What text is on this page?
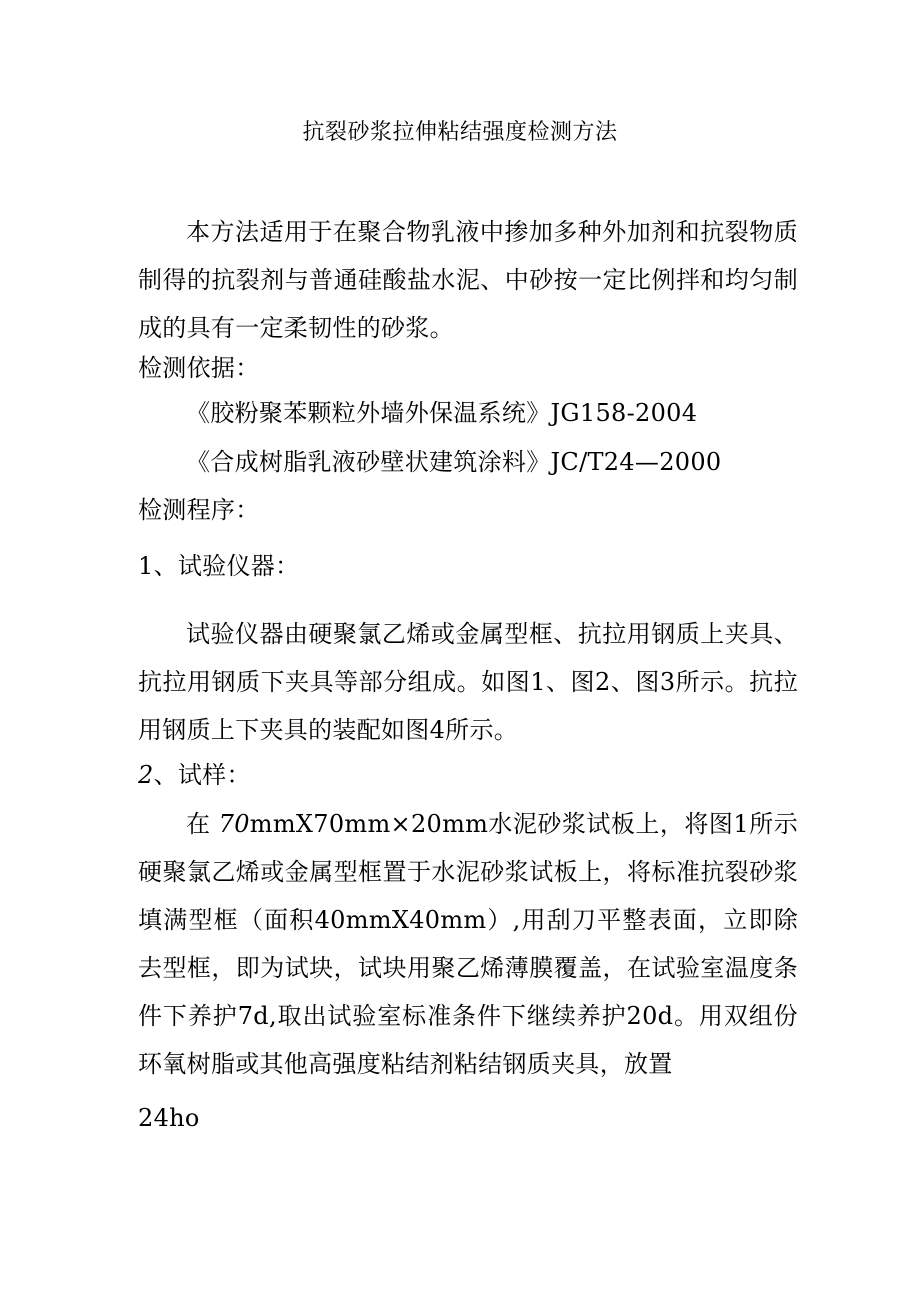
抗裂砂浆拉伸粘结强度检测方法
本方法适用于在聚合物乳液中掺加多种外加剂和抗裂物质制得的抗裂剂与普通硅酸盐水泥、中砂按一定比例拌和均匀制成的具有一定柔韧性的砂浆。
检测依据：
《胶粉聚苯颗粒外墙外保温系统》JG158-2004
《合成树脂乳液砂壁状建筑涂料》JC/T24—2000
检测程序：
1、试验仪器：
试验仪器由硬聚氯乙烯或金属型框、抗拉用钢质上夹具、抗拉用钢质下夹具等部分组成。如图1、图2、图3所示。抗拉用钢质上下夹具的装配如图4所示。
2、试样：
在 70mmX70mm×20mm水泥砂浆试板上，将图1所示硬聚氯乙烯或金属型框置于水泥砂浆试板上，将标准抗裂砂浆填满型框（面积40mmX40mm）,用刮刀平整表面，立即除去型框，即为试块，试块用聚乙烯薄膜覆盖，在试验室温度条件下养护7d,取出试验室标准条件下继续养护20d。用双组份环氧树脂或其他高强度粘结剂粘结钢质夹具，放置
24ho
